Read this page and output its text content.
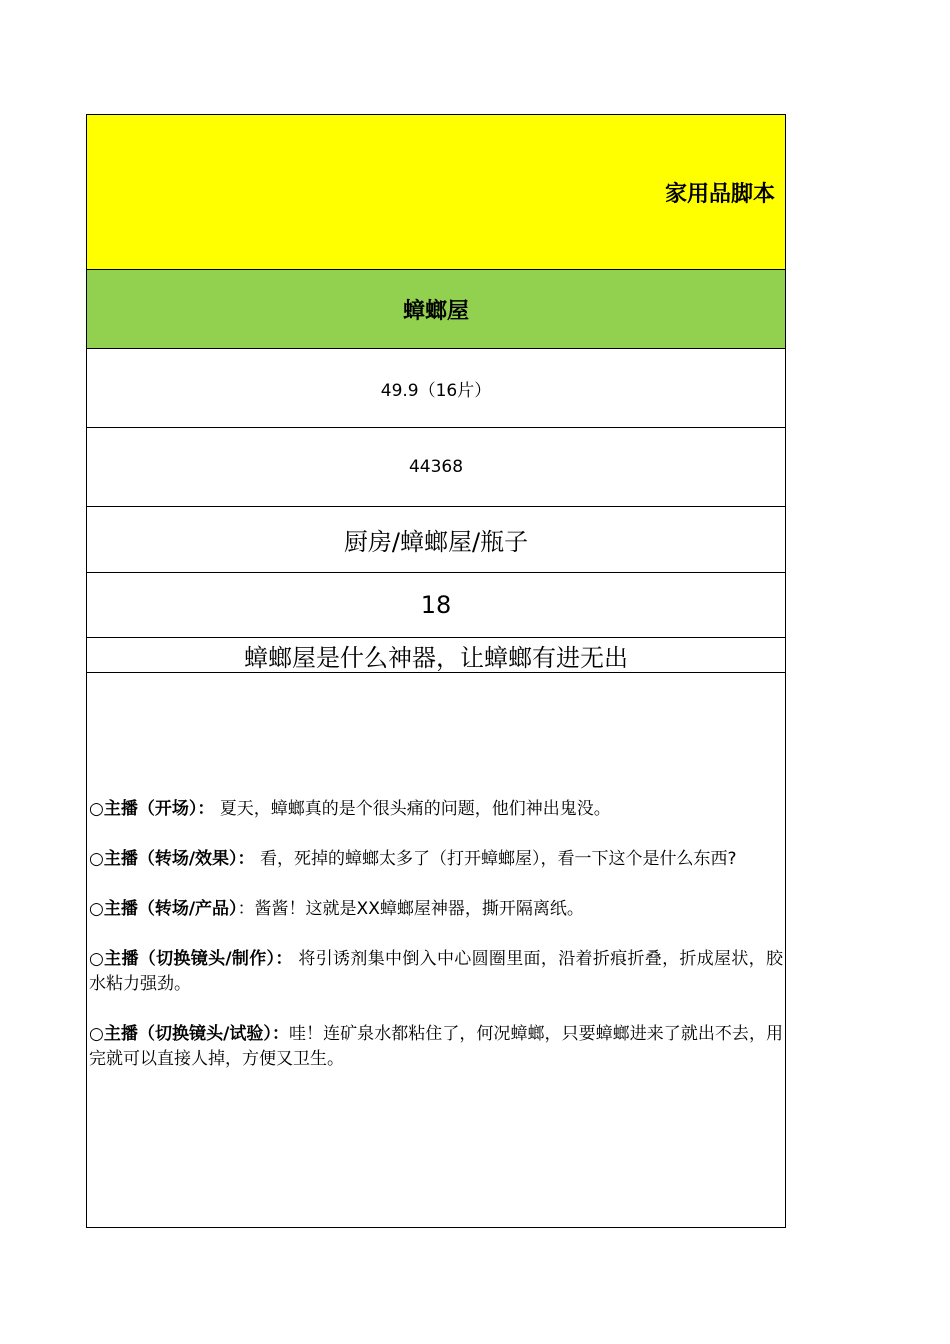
家用品脚本
蟑螂屋
49.9（16片）
44368
厨房/蟑螂屋/瓶子
18
蟑螂屋是什么神器，让蟑螂有进无出

○主播（开场）： 夏天，蟑螂真的是个很头痛的问题，他们神出鬼没。

○主播（转场/效果）： 看，死掉的蟑螂太多了（打开蟑螂屋），看一下这个是什么东西?

○主播（转场/产品）：酱酱！这就是XX蟑螂屋神器，撕开隔离纸。

○主播（切换镜头/制作）： 将引诱剂集中倒入中心圆圈里面，沿着折痕折叠，折成屋状，胶水粘力强劲。

○主播（切换镜头/试验）：哇！连矿泉水都粘住了，何况蟑螂，只要蟑螂进来了就出不去，用完就可以直接人掉，方便又卫生。
